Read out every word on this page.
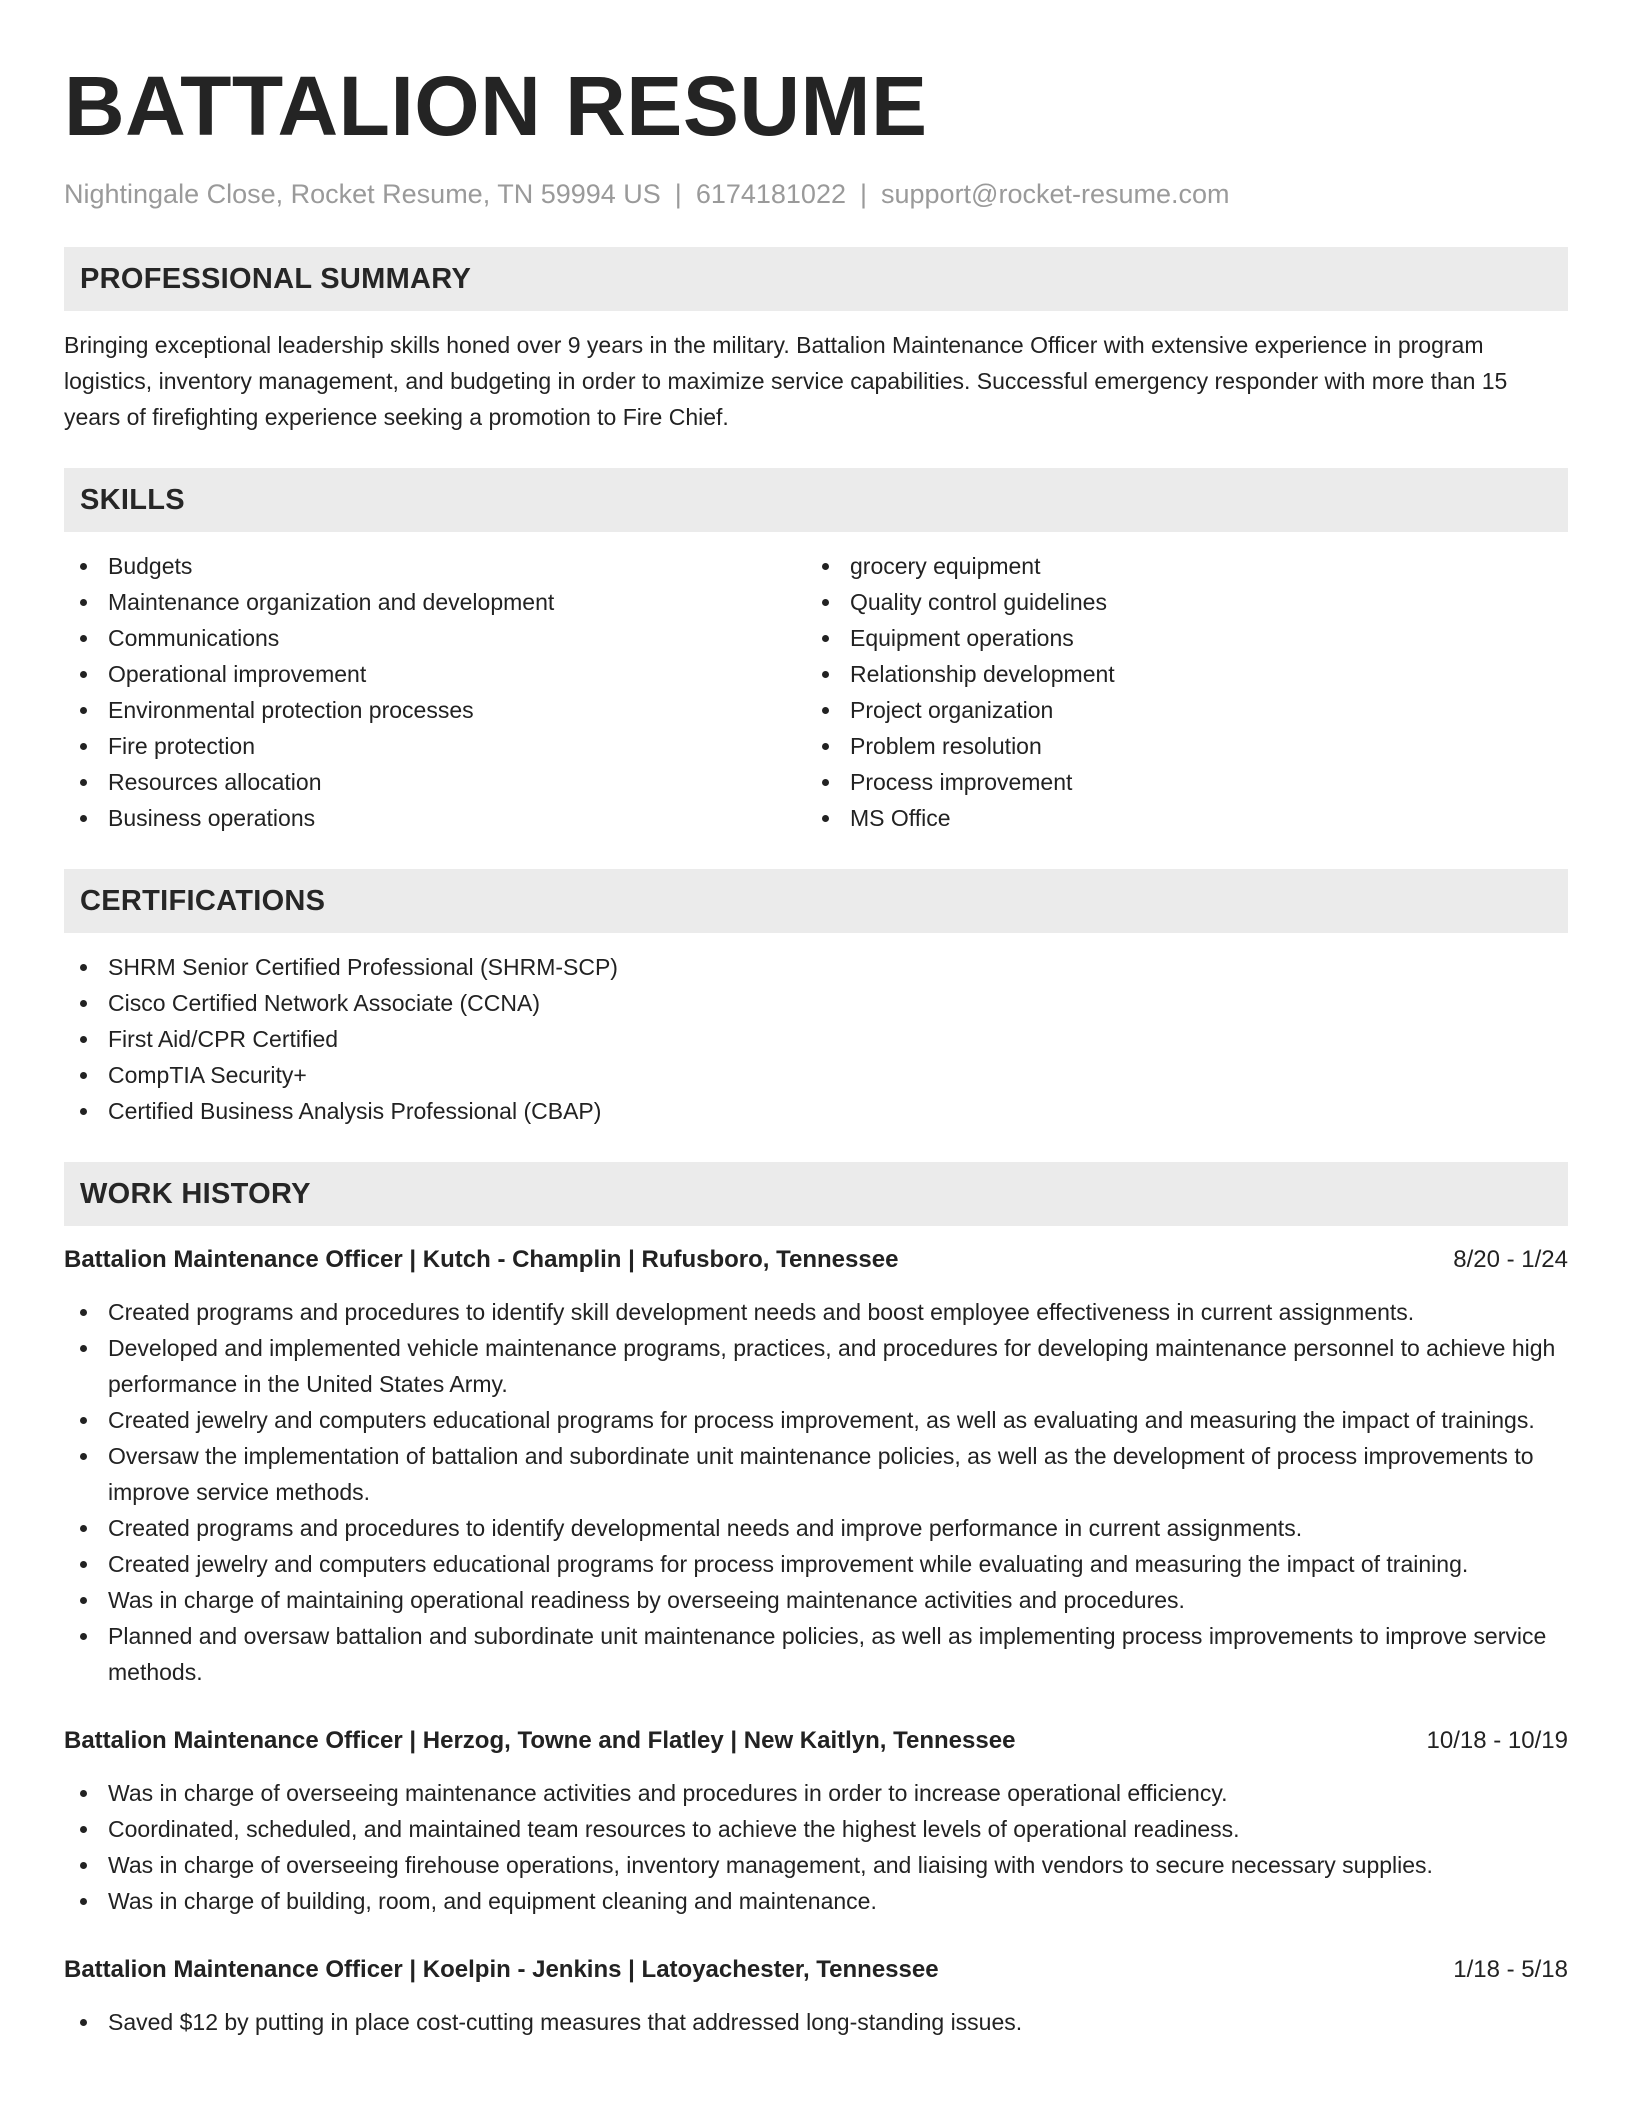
BATTALION RESUME
Nightingale Close, Rocket Resume, TN 59994 US | 6174181022 | support@rocket-resume.com
PROFESSIONAL SUMMARY

Bringing exceptional leadership skills honed over 9 years in the military. Battalion Maintenance Officer with extensive experience in program logistics, inventory management, and budgeting in order to maximize service capabilities. Successful emergency responder with more than 15 years of firefighting experience seeking a promotion to Fire Chief.

SKILLS
Budgets
Maintenance organization and development
Communications
Operational improvement
Environmental protection processes
Fire protection
Resources allocation
Business operations
grocery equipment
Quality control guidelines
Equipment operations
Relationship development
Project organization
Problem resolution
Process improvement
MS Office
CERTIFICATIONS
SHRM Senior Certified Professional (SHRM-SCP)
Cisco Certified Network Associate (CCNA)
First Aid/CPR Certified
CompTIA Security+
Certified Business Analysis Professional (CBAP)
WORK HISTORY
Battalion Maintenance Officer | Kutch - Champlin | Rufusboro, Tennessee	8/20 - 1/24
Created programs and procedures to identify skill development needs and boost employee effectiveness in current assignments.
Developed and implemented vehicle maintenance programs, practices, and procedures for developing maintenance personnel to achieve high performance in the United States Army.
Created jewelry and computers educational programs for process improvement, as well as evaluating and measuring the impact of trainings.
Oversaw the implementation of battalion and subordinate unit maintenance policies, as well as the development of process improvements to improve service methods.
Created programs and procedures to identify developmental needs and improve performance in current assignments.
Created jewelry and computers educational programs for process improvement while evaluating and measuring the impact of training.
Was in charge of maintaining operational readiness by overseeing maintenance activities and procedures.
Planned and oversaw battalion and subordinate unit maintenance policies, as well as implementing process improvements to improve service methods.
Battalion Maintenance Officer | Herzog, Towne and Flatley | New Kaitlyn, Tennessee	10/18 - 10/19
Was in charge of overseeing maintenance activities and procedures in order to increase operational efficiency.
Coordinated, scheduled, and maintained team resources to achieve the highest levels of operational readiness.
Was in charge of overseeing firehouse operations, inventory management, and liaising with vendors to secure necessary supplies.
Was in charge of building, room, and equipment cleaning and maintenance.
Battalion Maintenance Officer | Koelpin - Jenkins | Latoyachester, Tennessee	1/18 - 5/18
Saved $12 by putting in place cost-cutting measures that addressed long-standing issues.
